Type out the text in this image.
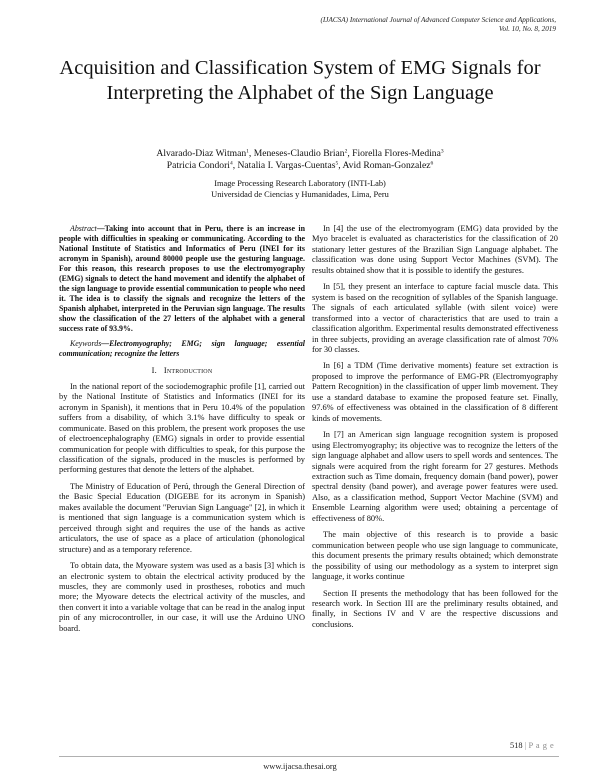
(IJACSA) International Journal of Advanced Computer Science and Applications,
Vol. 10, No. 8, 2019
Acquisition and Classification System of EMG Signals for Interpreting the Alphabet of the Sign Language
Alvarado-Diaz Witman$^1$, Meneses-Claudio Brian$^2$, Fiorella Flores-Medina$^3$
Patricia Condori$^4$, Natalia I. Vargas-Cuentas$^5$, Avid Roman-Gonzalez$^6$
Image Processing Research Laboratory (INTI-Lab)
Universidad de Ciencias y Humanidades, Lima, Peru

Abstract—Taking into account that in Peru, there is an increase in people with difficulties in speaking or communicating. According to the National Institute of Statistics and Informatics of Peru (INEI for its acronym in Spanish), around 80000 people use the gesturing language. For this reason, this research proposes to use the electromyography (EMG) signals to detect the hand movement and identify the alphabet of the sign language to provide essential communication to people who need it. The idea is to classify the signals and recognize the letters of the Spanish alphabet, interpreted in the Peruvian sign language. The results show the classification of the 27 letters of the alphabet with a general success rate of 93.9%.

Keywords—Electromyography; EMG; sign language; essential communication; recognize the letters

I. Introduction

In the national report of the sociodemographic profile [1], carried out by the National Institute of Statistics and Informatics (INEI for its acronym in Spanish), it mentions that in Peru 10.4% of the population suffers from a disability, of which 3.1% have difficulty to speak or communicate. Based on this problem, the present work proposes the use of electroencephalography (EMG) signals in order to provide essential communication for people with difficulties to speak, for this purpose the classification of the signals, produced in the muscles is performed by performing gestures that denote the letters of the alphabet.

The Ministry of Education of Perú, through the General Direction of the Basic Special Education (DIGEBE for its acronym in Spanish) makes available the document "Peruvian Sign Language" [2], in which it is mentioned that sign language is a communication system which is perceived through sight and requires the use of the hands as active articulators, the use of space as a place of articulation (phonological structure) and as a temporary reference.

To obtain data, the Myoware system was used as a basis [3] which is an electronic system to obtain the electrical activity produced by the muscles, they are commonly used in prostheses, robotics and much more; the Myoware detects the electrical activity of the muscles, and then convert it into a variable voltage that can be read in the analog input pin of any microcontroller, in our case, it will use the Arduino UNO board.

In [4] the use of the electromyogram (EMG) data provided by the Myo bracelet is evaluated as characteristics for the classification of 20 stationary letter gestures of the Brazilian Sign Language alphabet. The classification was done using Support Vector Machines (SVM). The results obtained show that it is possible to identify the gestures.

In [5], they present an interface to capture facial muscle data. This system is based on the recognition of syllables of the Spanish language. The signals of each articulated syllable (with silent voice) were transformed into a vector of characteristics that are used to train a classification algorithm. Experimental results demonstrated effectiveness in three subjects, providing an average classification rate of almost 70% for 30 classes.

In [6] a TDM (Time derivative moments) feature set extraction is proposed to improve the performance of EMG-PR (Electromyography Pattern Recognition) in the classification of upper limb movement. They use a standard database to examine the proposed feature set. Finally, 97.6% of effectiveness was obtained in the classification of 8 different kinds of movements.

In [7] an American sign language recognition system is proposed using Electromyography; its objective was to recognize the letters of the sign language alphabet and allow users to spell words and sentences. The signals were acquired from the right forearm for 27 gestures. Methods extraction such as Time domain, frequency domain (band power), power spectral density (band power), and average power features were used. Also, as a classification method, Support Vector Machine (SVM) and Ensemble Learning algorithm were used; obtaining a percentage of effectiveness of 80%.

The main objective of this research is to provide a basic communication between people who use sign language to communicate, this document presents the primary results obtained; which demonstrate the possibility of using our methodology as a system to interpret sign language, it works continue

Section II presents the methodology that has been followed for the research work. In Section III are the preliminary results obtained, and finally, in Sections IV and V are the respective discussions and conclusions.

518 | P a g e
www.ijacsa.thesai.org
